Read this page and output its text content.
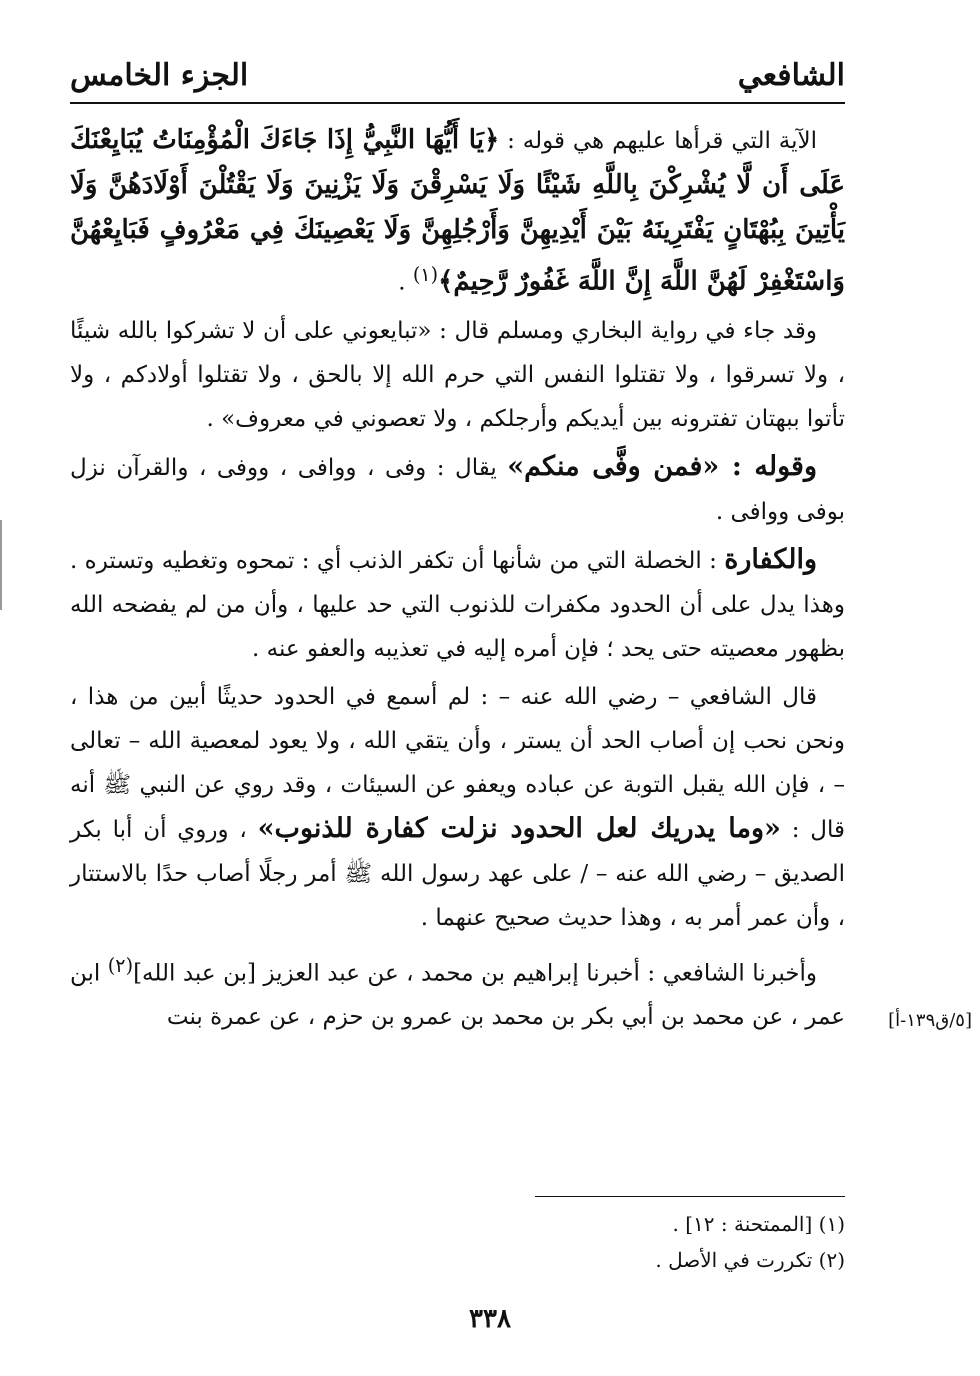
الشافعي
الجزء الخامس

الآية التي قرأها عليهم هي قوله : ﴿يَا أَيُّهَا النَّبِيُّ إِذَا جَاءَكَ الْمُؤْمِنَاتُ يُبَايِعْنَكَ عَلَى أَن لَّا يُشْرِكْنَ بِاللَّهِ شَيْئًا وَلَا يَسْرِقْنَ وَلَا يَزْنِينَ وَلَا يَقْتُلْنَ أَوْلَادَهُنَّ وَلَا يَأْتِينَ بِبُهْتَانٍ يَفْتَرِينَهُ بَيْنَ أَيْدِيهِنَّ وَأَرْجُلِهِنَّ وَلَا يَعْصِينَكَ فِي مَعْرُوفٍ فَبَايِعْهُنَّ وَاسْتَغْفِرْ لَهُنَّ اللَّهَ إِنَّ اللَّهَ غَفُورٌ رَّحِيمٌ﴾$^{(١)}$ .

وقد جاء في رواية البخاري ومسلم قال : «تبايعوني على أن لا تشركوا بالله شيئًا ، ولا تسرقوا ، ولا تقتلوا النفس التي حرم الله إلا بالحق ، ولا تقتلوا أولادكم ، ولا تأتوا ببهتان تفترونه بين أيديكم وأرجلكم ، ولا تعصوني في معروف» .

وقوله : «فمن وفَّى منكم» يقال : وفى ، ووافى ، ووفى ، والقرآن نزل بوفى ووافى .

والكفارة : الخصلة التي من شأنها أن تكفر الذنب أي : تمحوه وتغطيه وتستره . وهذا يدل على أن الحدود مكفرات للذنوب التي حد عليها ، وأن من لم يفضحه الله بظهور معصيته حتى يحد ؛ فإن أمره إليه في تعذيبه والعفو عنه .

قال الشافعي – رضي الله عنه – : لم أسمع في الحدود حديثًا أبين من هذا ، ونحن نحب إن أصاب الحد أن يستر ، وأن يتقي الله ، ولا يعود لمعصية الله – تعالى – ، فإن الله يقبل التوبة عن عباده ويعفو عن السيئات ، وقد روي عن النبي ﷺ أنه قال : «وما يدريك لعل الحدود نزلت كفارة للذنوب» ، وروي أن أبا بكر الصديق – رضي الله عنه – / على عهد رسول الله ﷺ أمر رجلًا أصاب حدًا بالاستتار ، وأن عمر أمر به ، وهذا حديث صحيح عنهما .

وأخبرنا الشافعي : أخبرنا إبراهيم بن محمد ، عن عبد العزيز [بن عبد الله]$^{(٢)}$ ابن عمر ، عن محمد بن أبي بكر بن محمد بن عمرو بن حزم ، عن عمرة بنت [٥/ق١٣٩-أ]

(١) [الممتحنة : ١٢] .

(٢) تكررت في الأصل .

٣٣٨
